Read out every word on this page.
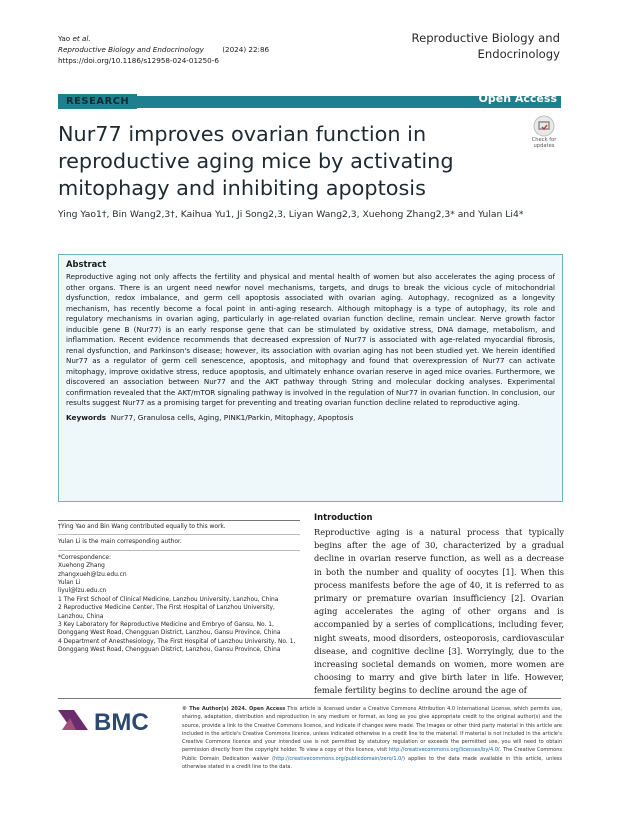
Yao et al.
Reproductive Biology and Endocrinology	(2024) 22:86
https://doi.org/10.1186/s12958-024-01250-6
Reproductive Biology and Endocrinology
RESEARCH	Open Access
Nur77 improves ovarian function in reproductive aging mice by activating mitophagy and inhibiting apoptosis
Check for
updates
Ying Yao1†, Bin Wang2,3†, Kaihua Yu1, Ji Song2,3, Liyan Wang2,3, Xuehong Zhang2,3* and Yulan Li4*
Abstract

Reproductive aging not only affects the fertility and physical and mental health of women but also accelerates the aging process of other organs. There is an urgent need newfor novel mechanisms, targets, and drugs to break the vicious cycle of mitochondrial dysfunction, redox imbalance, and germ cell apoptosis associated with ovarian aging. Autophagy, recognized as a longevity mechanism, has recently become a focal point in anti-aging research. Although mitophagy is a type of autophagy, its role and regulatory mechanisms in ovarian aging, particularly in age-related ovarian function decline, remain unclear. Nerve growth factor inducible gene B (Nur77) is an early response gene that can be stimulated by oxidative stress, DNA damage, metabolism, and inflammation. Recent evidence recommends that decreased expression of Nur77 is associated with age-related myocardial fibrosis, renal dysfunction, and Parkinson's disease; however, its association with ovarian aging has not been studied yet. We herein identified Nur77 as a regulator of germ cell senescence, apoptosis, and mitophagy and found that overexpression of Nur77 can activate mitophagy, improve oxidative stress, reduce apoptosis, and ultimately enhance ovarian reserve in aged mice ovaries. Furthermore, we discovered an association between Nur77 and the AKT pathway through String and molecular docking analyses. Experimental confirmation revealed that the AKT/mTOR signaling pathway is involved in the regulation of Nur77 in ovarian function. In conclusion, our results suggest Nur77 as a promising target for preventing and treating ovarian function decline related to reproductive aging.

Keywords Nur77, Granulosa cells, Aging, PINK1/Parkin, Mitophagy, Apoptosis

†Ying Yao and Bin Wang contributed equally to this work.

Yulan Li is the main corresponding author.

*Correspondence:

Xuehong Zhang

zhangxueh@lzu.edu.cn

Yulan Li

liyul@lzu.edu.cn

1 The First School of Clinical Medicine, Lanzhou University, Lanzhou, China

2 Reproductive Medicine Center, The First Hospital of Lanzhou University, Lanzhou, China

3 Key Laboratory for Reproductive Medicine and Embryo of Gansu, No. 1, Donggang West Road, Chengguan District, Lanzhou, Gansu Province, China

4 Department of Anesthesiology, The First Hospital of Lanzhou University, No. 1, Donggang West Road, Chengguan District, Lanzhou, Gansu Province, China

Introduction

Reproductive aging is a natural process that typically begins after the age of 30, characterized by a gradual decline in ovarian reserve function, as well as a decrease in both the number and quality of oocytes [1]. When this process manifests before the age of 40, it is referred to as primary or premature ovarian insufficiency [2]. Ovarian aging accelerates the aging of other organs and is accompanied by a series of complications, including fever, night sweats, mood disorders, osteoporosis, cardiovascular disease, and cognitive decline [3]. Worryingly, due to the increasing societal demands on women, more women are choosing to marry and give birth later in life. However, female fertility begins to decline around the age of

BMC	© The Author(s) 2024. Open Access This article is licensed under a Creative Commons Attribution 4.0 International License, which permits use, sharing, adaptation, distribution and reproduction in any medium or format, as long as you give appropriate credit to the original author(s) and the source, provide a link to the Creative Commons licence, and indicate if changes were made. The images or other third party material in this article are included in the article's Creative Commons licence, unless indicated otherwise in a credit line to the material. If material is not included in the article's Creative Commons licence and your intended use is not permitted by statutory regulation or exceeds the permitted use, you will need to obtain permission directly from the copyright holder. To view a copy of this licence, visit http://creativecommons.org/licenses/by/4.0/. The Creative Commons Public Domain Dedication waiver (http://creativecommons.org/publicdomain/zero/1.0/) applies to the data made available in this article, unless otherwise stated in a credit line to the data.
